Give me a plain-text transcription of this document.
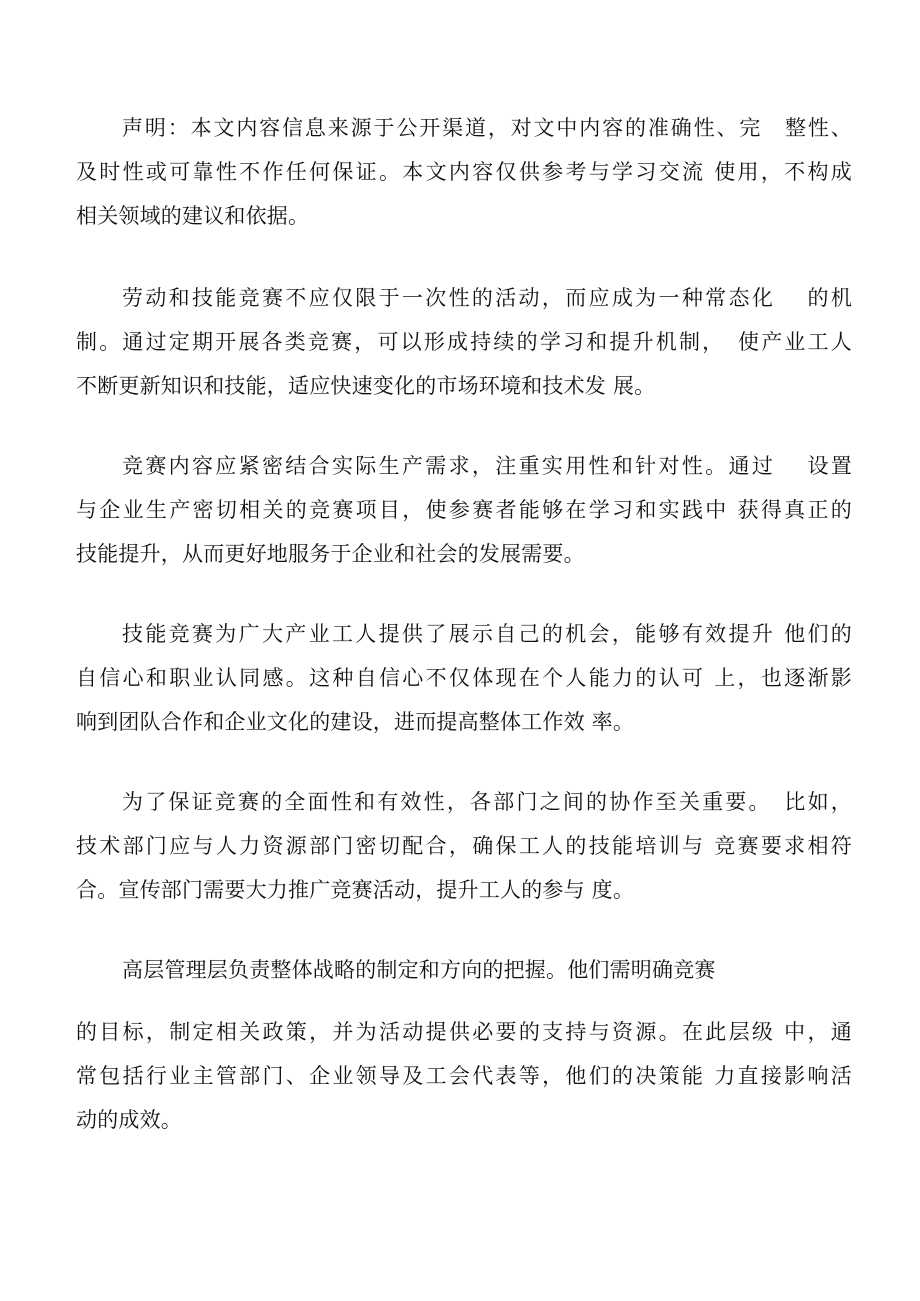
声明：本文内容信息来源于公开渠道，对文中内容的准确性、完　整性、
及时性或可靠性不作任何保证。本文内容仅供参考与学习交流 使用，不构成
相关领域的建议和依据。
劳动和技能竞赛不应仅限于一次性的活动，而应成为一种常态化　 的机
制。通过定期开展各类竞赛，可以形成持续的学习和提升机制，　使产业工人
不断更新知识和技能，适应快速变化的市场环境和技术发 展。
竞赛内容应紧密结合实际生产需求，注重实用性和针对性。通过　 设置
与企业生产密切相关的竞赛项目，使参赛者能够在学习和实践中 获得真正的
技能提升，从而更好地服务于企业和社会的发展需要。
技能竞赛为广大产业工人提供了展示自己的机会，能够有效提升 他们的
自信心和职业认同感。这种自信心不仅体现在个人能力的认可 上，也逐渐影
响到团队合作和企业文化的建设，进而提高整体工作效 率。
为了保证竞赛的全面性和有效性，各部门之间的协作至关重要。　比如，
技术部门应与人力资源部门密切配合，确保工人的技能培训与 竞赛要求相符
合。宣传部门需要大力推广竞赛活动，提升工人的参与 度。
高层管理层负责整体战略的制定和方向的把握。他们需明确竞赛
的目标，制定相关政策，并为活动提供必要的支持与资源。在此层级 中，通
常包括行业主管部门、企业领导及工会代表等，他们的决策能 力直接影响活
动的成效。
